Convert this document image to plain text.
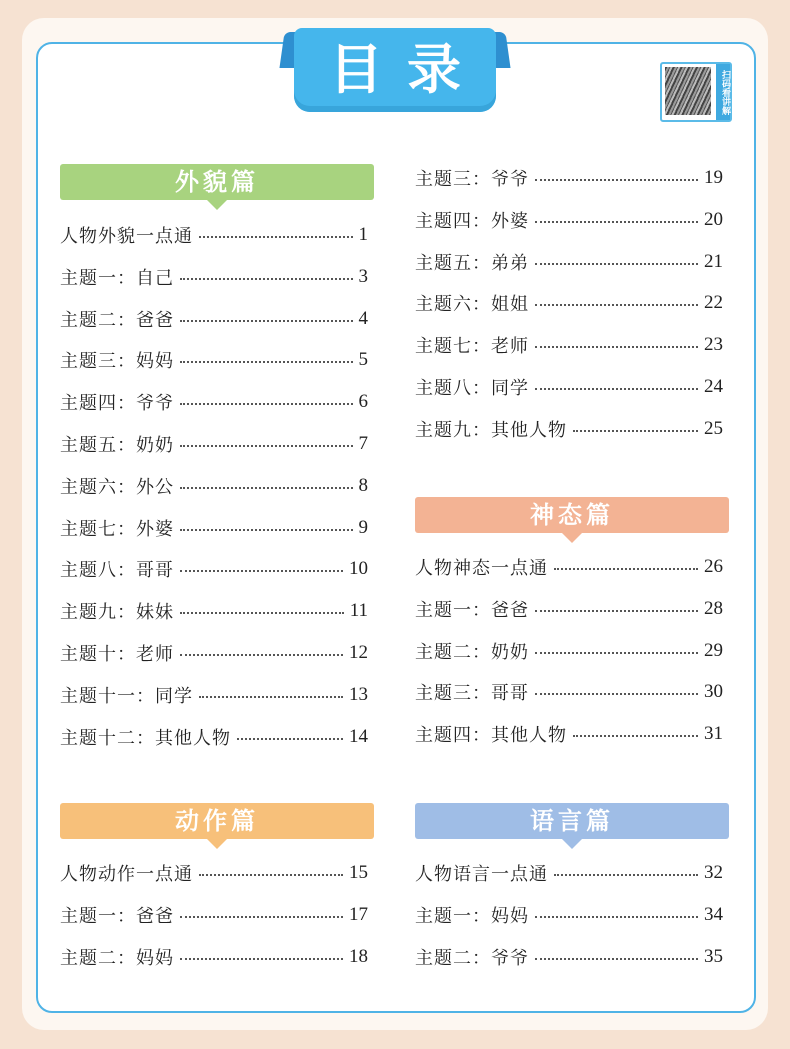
目录	扫码看讲解
外貌篇
神态篇
动作篇	语言篇
人物外貌一点通	1
主题一：自己	3
主题二：爸爸	4
主题三：妈妈	5
主题四：爷爷	6
主题五：奶奶	7
主题六：外公	8
主题七：外婆	9
主题八：哥哥	10
主题九：妹妹	11
主题十：老师	12
主题十一：同学	13
主题十二：其他人物	14
主题三：爷爷	19
主题四：外婆	20
主题五：弟弟	21
主题六：姐姐	22
主题七：老师	23
主题八：同学	24
主题九：其他人物	25
人物神态一点通	26
主题一：爸爸	28
主题二：奶奶	29
主题三：哥哥	30
主题四：其他人物	31
人物动作一点通	15
主题一：爸爸	17
主题二：妈妈	18
人物语言一点通	32
主题一：妈妈	34
主题二：爷爷	35
